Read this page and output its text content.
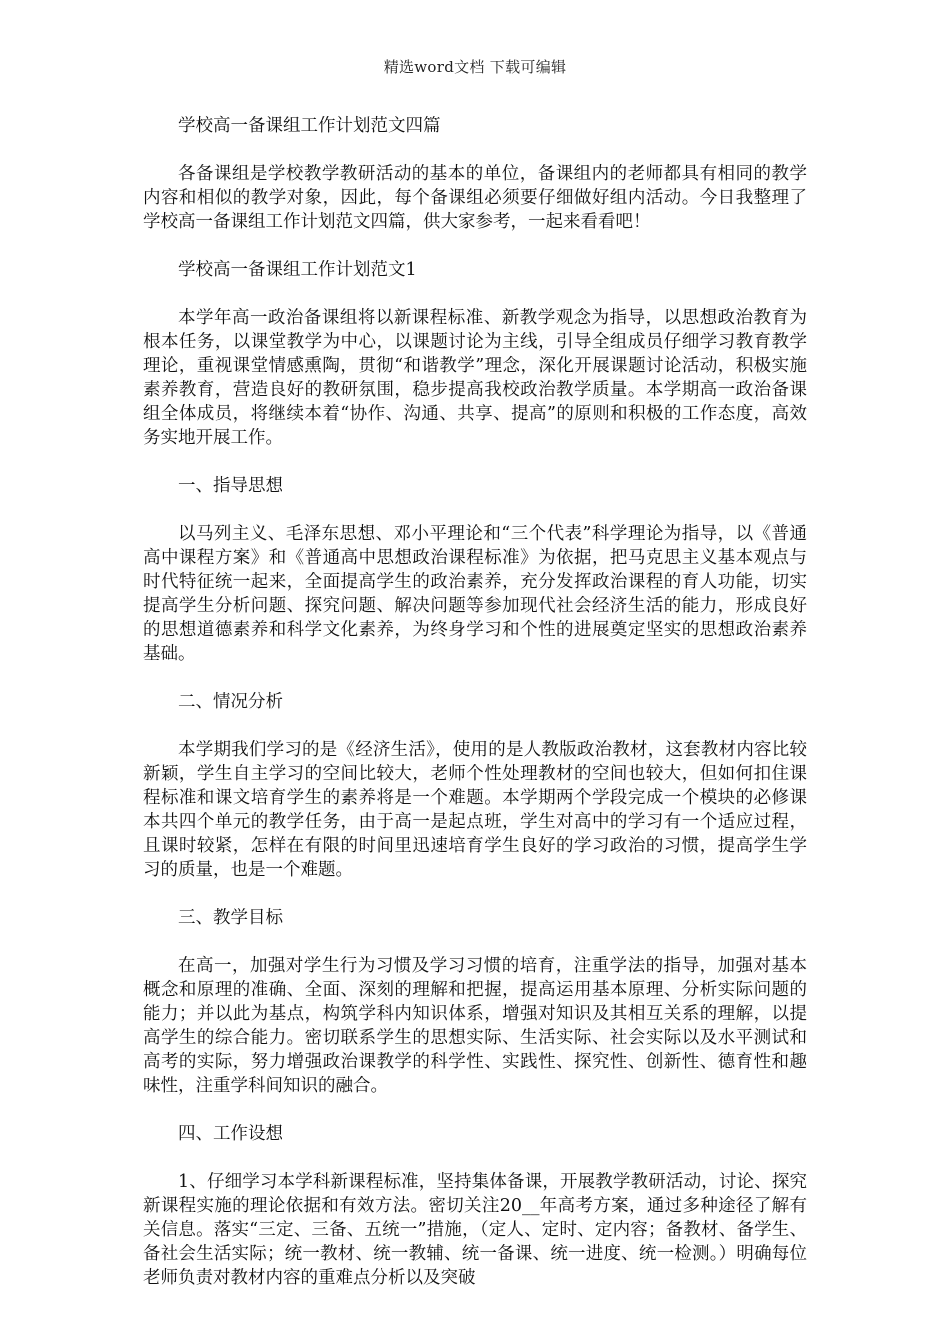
精选word文档 下载可编辑

学校高一备课组工作计划范文四篇

各备课组是学校教学教研活动的基本的单位，备课组内的老师都具有相同的教学内容和相似的教学对象，因此，每个备课组必须要仔细做好组内活动。今日我整理了学校高一备课组工作计划范文四篇，供大家参考，一起来看看吧！

学校高一备课组工作计划范文1

本学年高一政治备课组将以新课程标准、新教学观念为指导，以思想政治教育为根本任务，以课堂教学为中心，以课题讨论为主线，引导全组成员仔细学习教育教学理论，重视课堂情感熏陶，贯彻“和谐教学”理念，深化开展课题讨论活动，积极实施素养教育，营造良好的教研氛围，稳步提高我校政治教学质量。本学期高一政治备课组全体成员，将继续本着“协作、沟通、共享、提高”的原则和积极的工作态度，高效务实地开展工作。

一、指导思想

以马列主义、毛泽东思想、邓小平理论和“三个代表”科学理论为指导，以《普通高中课程方案》和《普通高中思想政治课程标准》为依据，把马克思主义基本观点与时代特征统一起来，全面提高学生的政治素养，充分发挥政治课程的育人功能，切实提高学生分析问题、探究问题、解决问题等参加现代社会经济生活的能力，形成良好的思想道德素养和科学文化素养，为终身学习和个性的进展奠定坚实的思想政治素养基础。

二、情况分析

本学期我们学习的是《经济生活》，使用的是人教版政治教材，这套教材内容比较新颖，学生自主学习的空间比较大，老师个性处理教材的空间也较大，但如何扣住课程标准和课文培育学生的素养将是一个难题。本学期两个学段完成一个模块的必修课本共四个单元的教学任务，由于高一是起点班，学生对高中的学习有一个适应过程，且课时较紧，怎样在有限的时间里迅速培育学生良好的学习政治的习惯，提高学生学习的质量，也是一个难题。

三、教学目标

在高一，加强对学生行为习惯及学习习惯的培育，注重学法的指导，加强对基本概念和原理的准确、全面、深刻的理解和把握，提高运用基本原理、分析实际问题的能力；并以此为基点，构筑学科内知识体系，增强对知识及其相互关系的理解，以提高学生的综合能力。密切联系学生的思想实际、生活实际、社会实际以及水平测试和高考的实际，努力增强政治课教学的科学性、实践性、探究性、创新性、德育性和趣味性，注重学科间知识的融合。

四、工作设想

1、仔细学习本学科新课程标准，坚持集体备课，开展教学教研活动，讨论、探究新课程实施的理论依据和有效方法。密切关注20__年高考方案，通过多种途径了解有关信息。落实“三定、三备、五统一”措施，（定人、定时、定内容；备教材、备学生、备社会生活实际；统一教材、统一教辅、统一备课、统一进度、统一检测。）明确每位老师负责对教材内容的重难点分析以及突破
